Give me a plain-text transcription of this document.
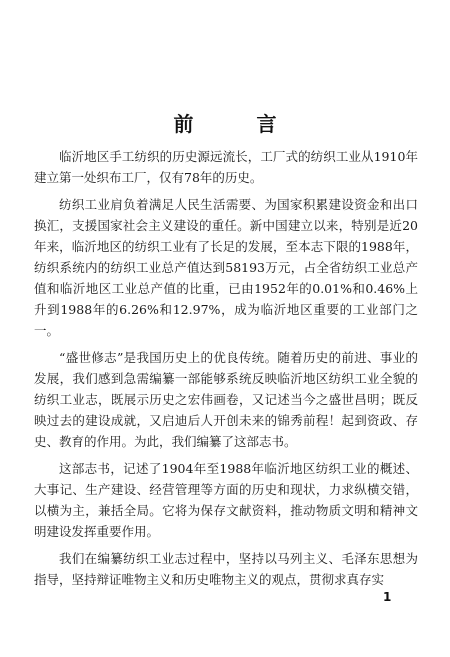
前 言

临沂地区手工纺织的历史源远流长，工厂式的纺织工业从1910年建立第一处织布工厂，仅有78年的历史。

纺织工业肩负着满足人民生活需要、为国家积累建设资金和出口换汇，支援国家社会主义建设的重任。新中国建立以来，特别是近20年来，临沂地区的纺织工业有了长足的发展，至本志下限的1988年，纺织系统内的纺织工业总产值达到58193万元，占全省纺织工业总产值和临沂地区工业总产值的比重，已由1952年的0.01%和0.46%上升到1988年的6.26%和12.97%，成为临沂地区重要的工业部门之一。

“盛世修志”是我国历史上的优良传统。随着历史的前进、事业的发展，我们感到急需编纂一部能够系统反映临沂地区纺织工业全貌的纺织工业志，既展示历史之宏伟画卷，又记述当今之盛世昌明；既反映过去的建设成就，又启迪后人开创未来的锦秀前程！起到资政、存史、教育的作用。为此，我们编纂了这部志书。

这部志书，记述了1904年至1988年临沂地区纺织工业的概述、大事记、生产建设、经营管理等方面的历史和现状，力求纵横交错，以横为主，兼括全局。它将为保存文献资料，推动物质文明和精神文明建设发挥重要作用。

我们在编纂纺织工业志过程中，坚持以马列主义、毛泽东思想为指导，坚持辩证唯物主义和历史唯物主义的观点，贯彻求真存实

1
